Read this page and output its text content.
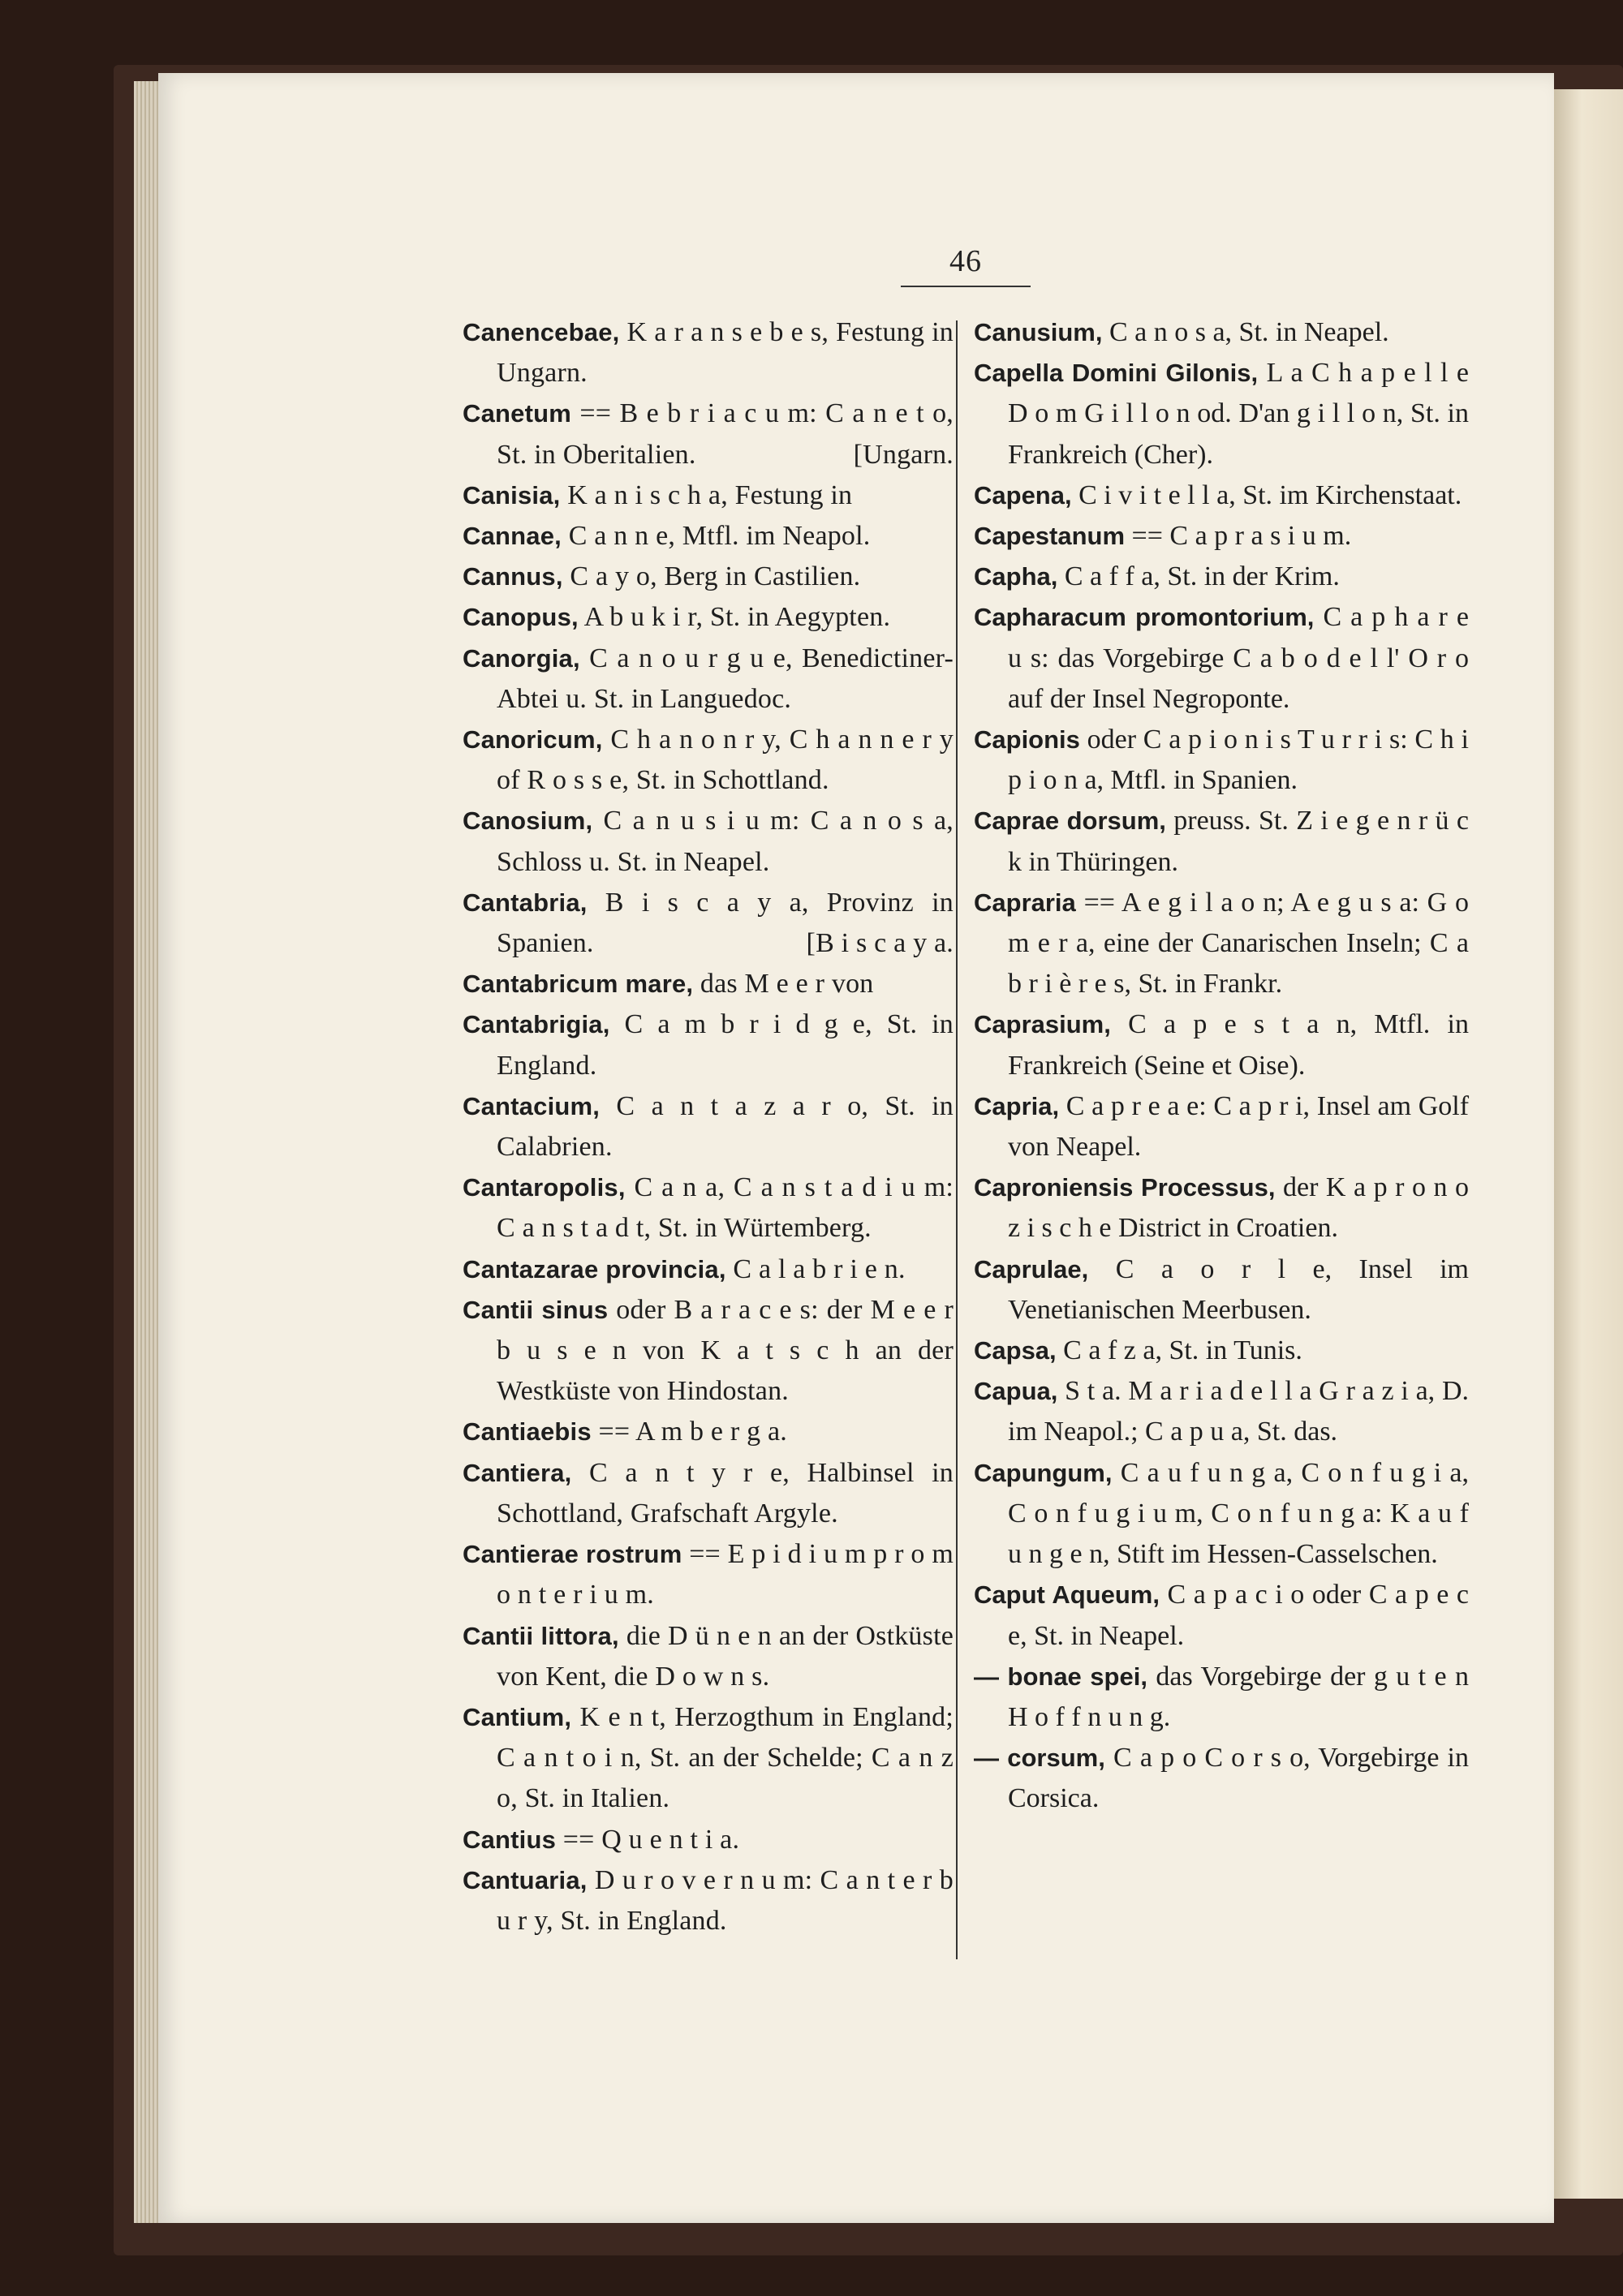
46

Canencebae, K a r a n s e b e s, Festung in Ungarn.

Canetum == B e b r i a c u m: C a n e t o, St. in Oberitalien.	[Ungarn.

Canisia, K a n i s c h a, Festung in

Cannae, C a n n e, Mtfl. im Neapol.

Cannus, C a y o, Berg in Castilien.

Canopus, A b u k i r, St. in Aegypten.

Canorgia, C a n o u r g u e, Benedictiner-Abtei u. St. in Languedoc.

Canoricum, C h a n o n r y, C h a n n e r y of R o s s e, St. in Schottland.

Canosium, C a n u s i u m: C a n o s a, Schloss u. St. in Neapel.

Cantabria, B i s c a y a, Provinz in Spanien.	[B i s c a y a.

Cantabricum mare, das M e e r von

Cantabrigia, C a m b r i d g e, St. in England.

Cantacium, C a n t a z a r o, St. in Calabrien.

Cantaropolis, C a n a, C a n s t a d i u m: C a n s t a d t, St. in Würtemberg.

Cantazarae provincia, C a l a b r i e n.

Cantii sinus oder B a r a c e s: der M e e r b u s e n von K a t s c h an der Westküste von Hindostan.

Cantiaebis == A m b e r g a.

Cantiera, C a n t y r e, Halbinsel in Schottland, Grafschaft Argyle.

Cantierae rostrum == E p i d i u m p r o m o n t e r i u m.

Cantii littora, die D ü n e n an der Ostküste von Kent, die D o w n s.

Cantium, K e n t, Herzogthum in England; C a n t o i n, St. an der Schelde; C a n z o, St. in Italien.

Cantius == Q u e n t i a.

Cantuaria, D u r o v e r n u m: C a n t e r b u r y, St. in England.

Canusium, C a n o s a, St. in Neapel.

Capella Domini Gilonis, L a C h a p e l l e D o m G i l l o n od. D'an g i l l o n, St. in Frankreich (Cher).

Capena, C i v i t e l l a, St. im Kirchenstaat.

Capestanum == C a p r a s i u m.

Capha, C a f f a, St. in der Krim.

Capharacum promontorium, C a p h a r e u s: das Vorgebirge C a b o d e l l' O r o auf der Insel Negroponte.

Capionis oder C a p i o n i s T u r r i s: C h i p i o n a, Mtfl. in Spanien.

Caprae dorsum, preuss. St. Z i e g e n r ü c k in Thüringen.

Capraria == A e g i l a o n; A e g u s a: G o m e r a, eine der Canarischen Inseln; C a b r i è r e s, St. in Frankr.

Caprasium, C a p e s t a n, Mtfl. in Frankreich (Seine et Oise).

Capria, C a p r e a e: C a p r i, Insel am Golf von Neapel.

Caproniensis Processus, der K a p r o n o z i s c h e District in Croatien.

Caprulae, C a o r l e, Insel im Venetianischen Meerbusen.

Capsa, C a f z a, St. in Tunis.

Capua, S t a. M a r i a d e l l a G r a z i a, D. im Neapol.; C a p u a, St. das.

Capungum, C a u f u n g a, C o n f u g i a, C o n f u g i u m, C o n f u n g a: K a u f u n g e n, Stift im Hessen-Casselschen.

Caput Aqueum, C a p a c i o oder C a p e c e, St. in Neapel.

— bonae spei, das Vorgebirge der g u t e n H o f f n u n g.

— corsum, C a p o C o r s o, Vorgebirge in Corsica.
